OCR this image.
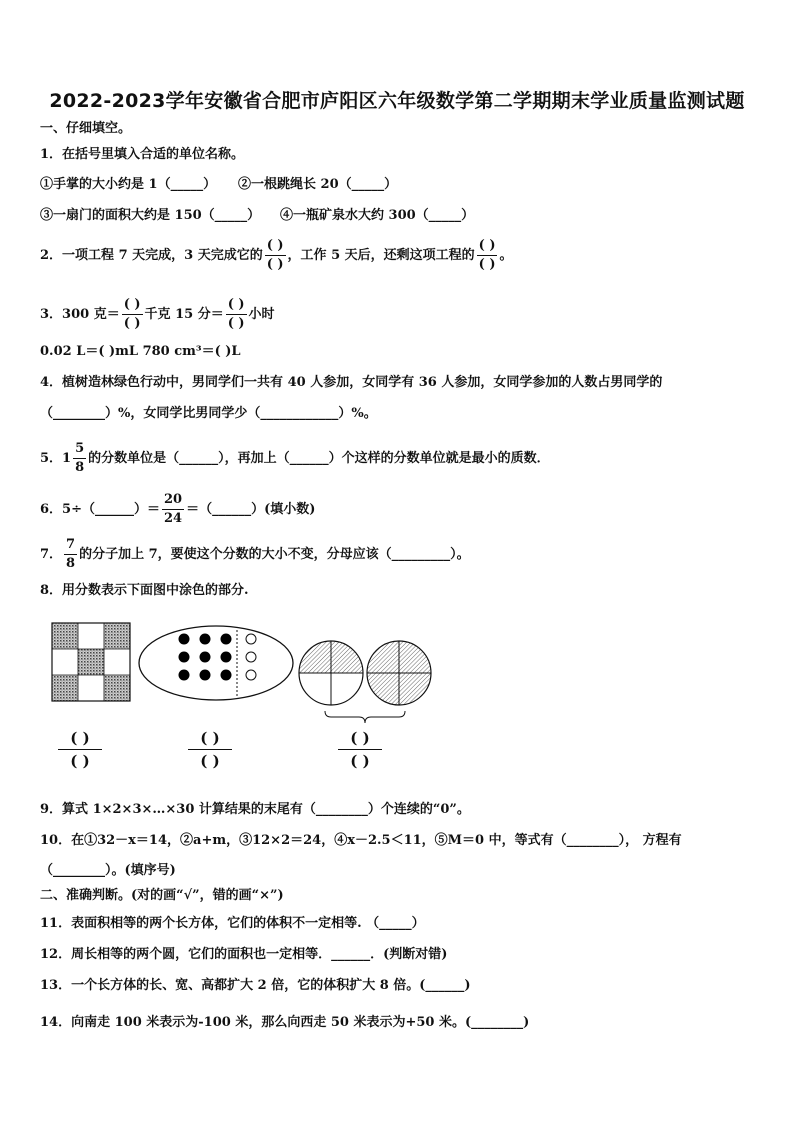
2022-2023学年安徽省合肥市庐阳区六年级数学第二学期期末学业质量监测试题
一、仔细填空。
1．在括号里填入合适的单位名称。
①手掌的大小约是 1（_____） ②一根跳绳长 20（_____）
③一扇门的面积大约是 150（_____） ④一瓶矿泉水大约 300（_____）
2．一项工程 7 天完成，3 天完成它的 $\frac{( )}{( )}$ ，工作 5 天后，还剩这项工程的 $\frac{( )}{( )}$ 。
3．300 克＝ $\frac{( )}{( )}$ 千克 15 分＝ $\frac{( )}{( )}$ 小时
0.02 L＝( )mL 780 cm³＝( )L
4．植树造林绿色行动中，男同学们一共有 40 人参加，女同学有 36 人参加，女同学参加的人数占男同学的
（________）%，女同学比男同学少（____________）%。
5．$1 \frac{5}{8}$ 的分数单位是（______），再加上（______）个这样的分数单位就是最小的质数．
6．5÷（______）＝ $\frac{20}{24}$ ＝（______）(填小数)
7． $\frac{7}{8}$ 的分子加上 7，要使这个分数的大小不变，分母应该（_________）。
8．用分数表示下面图中涂色的部分.
$\frac{( )}{( )}$	$\frac{( )}{( )}$	$\frac{( )}{( )}$
9．算式 1×2×3×…×30 计算结果的末尾有（________）个连续的“0”。
10．在①32－x＝14，②a+m，③12×2＝24，④x－2.5＜11，⑤M＝0 中，等式有（________）， 方程有
（________）。(填序号)
二、准确判断。(对的画“√”，错的画“×”)
11．表面积相等的两个长方体，它们的体积不一定相等. （_____）
12．周长相等的两个圆，它们的面积也一定相等．______．(判断对错)
13．一个长方体的长、宽、高都扩大 2 倍，它的体积扩大 8 倍。(______)
14．向南走 100 米表示为-100 米，那么向西走 50 米表示为+50 米。(________)
